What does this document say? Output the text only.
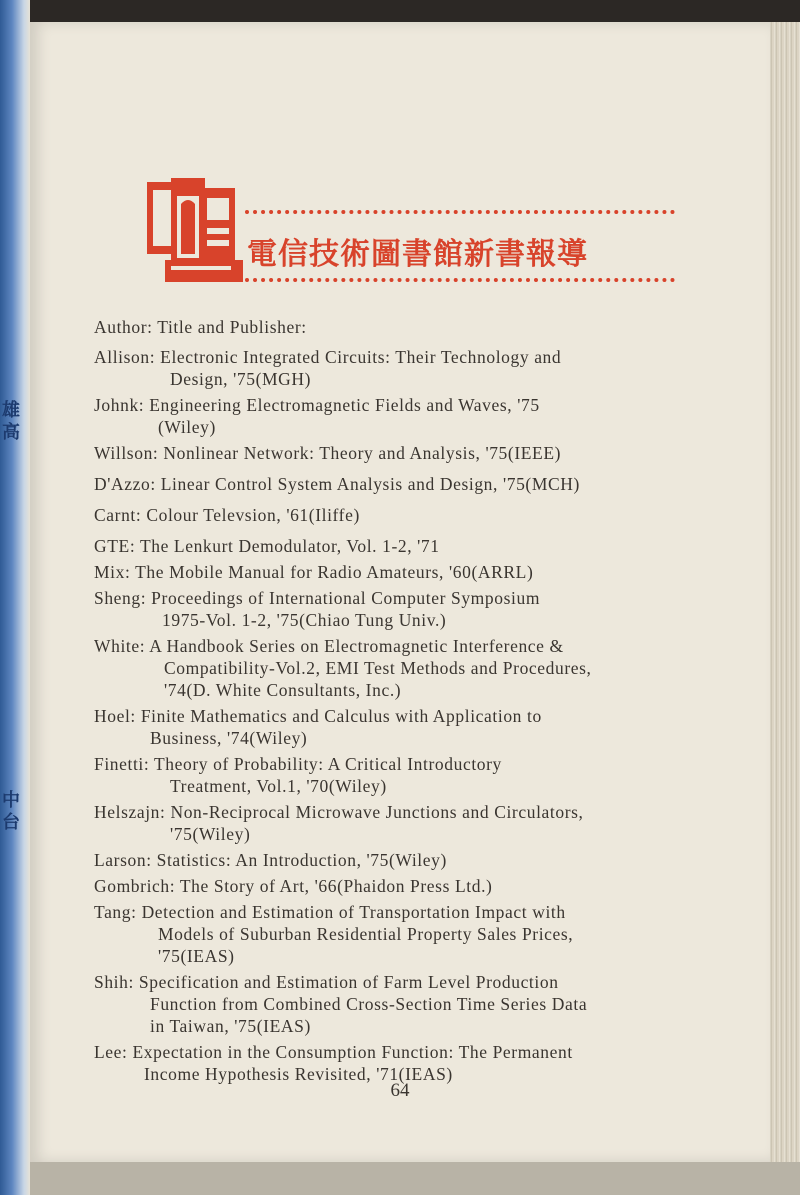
雄高
中台
電信技術圖書館新書報導
Author: Title and Publisher:
Allison: Electronic Integrated Circuits: Their Technology and
Design, '75(MGH)
Johnk: Engineering Electromagnetic Fields and Waves, '75
(Wiley)
Willson: Nonlinear Network: Theory and Analysis, '75(IEEE)
D'Azzo: Linear Control System Analysis and Design, '75(MCH)
Carnt: Colour Televsion, '61(Iliffe)
GTE: The Lenkurt Demodulator, Vol. 1-2, '71
Mix: The Mobile Manual for Radio Amateurs, '60(ARRL)
Sheng: Proceedings of International Computer Symposium
1975-Vol. 1-2, '75(Chiao Tung Univ.)
White: A Handbook Series on Electromagnetic Interference &
Compatibility-Vol.2, EMI Test Methods and Procedures,
'74(D. White Consultants, Inc.)
Hoel: Finite Mathematics and Calculus with Application to
Business, '74(Wiley)
Finetti: Theory of Probability: A Critical Introductory
Treatment, Vol.1, '70(Wiley)
Helszajn: Non-Reciprocal Microwave Junctions and Circulators,
'75(Wiley)
Larson: Statistics: An Introduction, '75(Wiley)
Gombrich: The Story of Art, '66(Phaidon Press Ltd.)
Tang: Detection and Estimation of Transportation Impact with
Models of Suburban Residential Property Sales Prices,
'75(IEAS)
Shih: Specification and Estimation of Farm Level Production
Function from Combined Cross-Section Time Series Data
in Taiwan, '75(IEAS)
Lee: Expectation in the Consumption Function: The Permanent
Income Hypothesis Revisited, '71(IEAS)
64
